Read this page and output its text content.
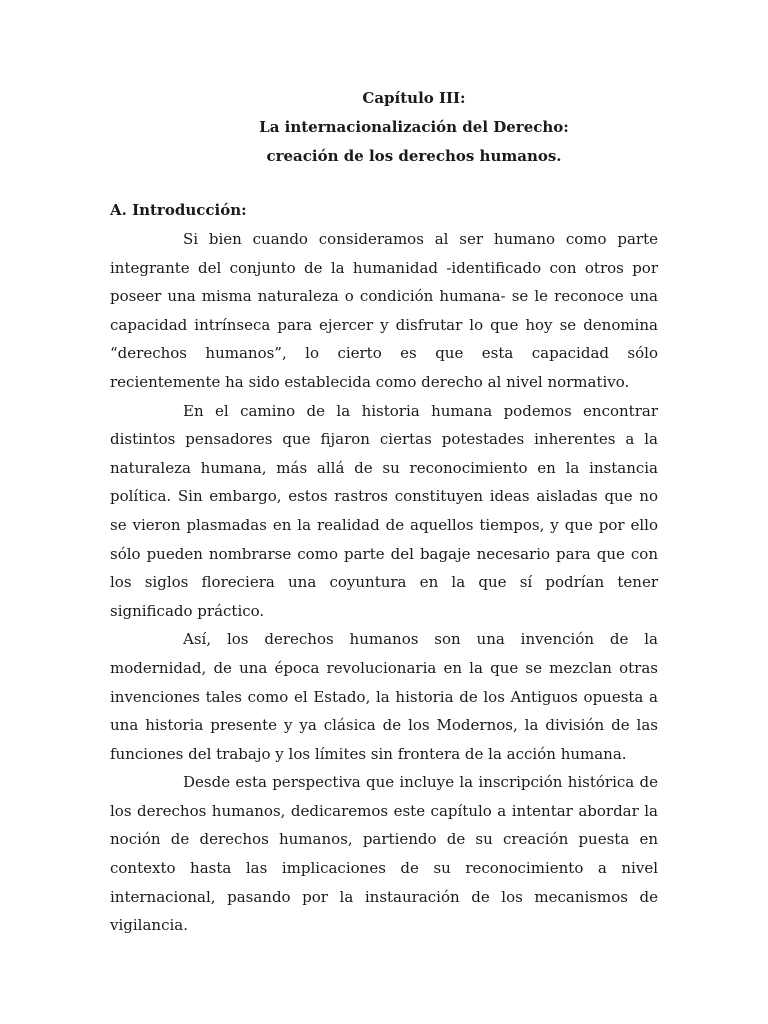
Capítulo III:
La internacionalización del Derecho:
creación de los derechos humanos.
A. Introducción:

Si bien cuando consideramos al ser humano como parte integrante del conjunto de la humanidad -identificado con otros por poseer una misma naturaleza o condición humana- se le reconoce una capacidad intrínseca para ejercer y disfrutar lo que hoy se denomina “derechos humanos”, lo cierto es que esta capacidad sólo recientemente ha sido establecida como derecho al nivel normativo.

En el camino de la historia humana podemos encontrar distintos pensadores que fijaron ciertas potestades inherentes a la naturaleza humana, más allá de su reconocimiento en la instancia política. Sin embargo, estos rastros constituyen ideas aisladas que no se vieron plasmadas en la realidad de aquellos tiempos, y que por ello sólo pueden nombrarse como parte del bagaje necesario para que con los siglos floreciera una coyuntura en la que sí podrían tener significado práctico.

Así, los derechos humanos son una invención de la modernidad, de una época revolucionaria en la que se mezclan otras invenciones tales como el Estado, la historia de los Antiguos opuesta a una historia presente y ya clásica de los Modernos, la división de las funciones del trabajo y los límites sin frontera de la acción humana.

Desde esta perspectiva que incluye la inscripción histórica de los derechos humanos, dedicaremos este capítulo a intentar abordar la noción de derechos humanos, partiendo de su creación puesta en contexto hasta las implicaciones de su reconocimiento a nivel internacional, pasando por la instauración de los mecanismos de vigilancia.
